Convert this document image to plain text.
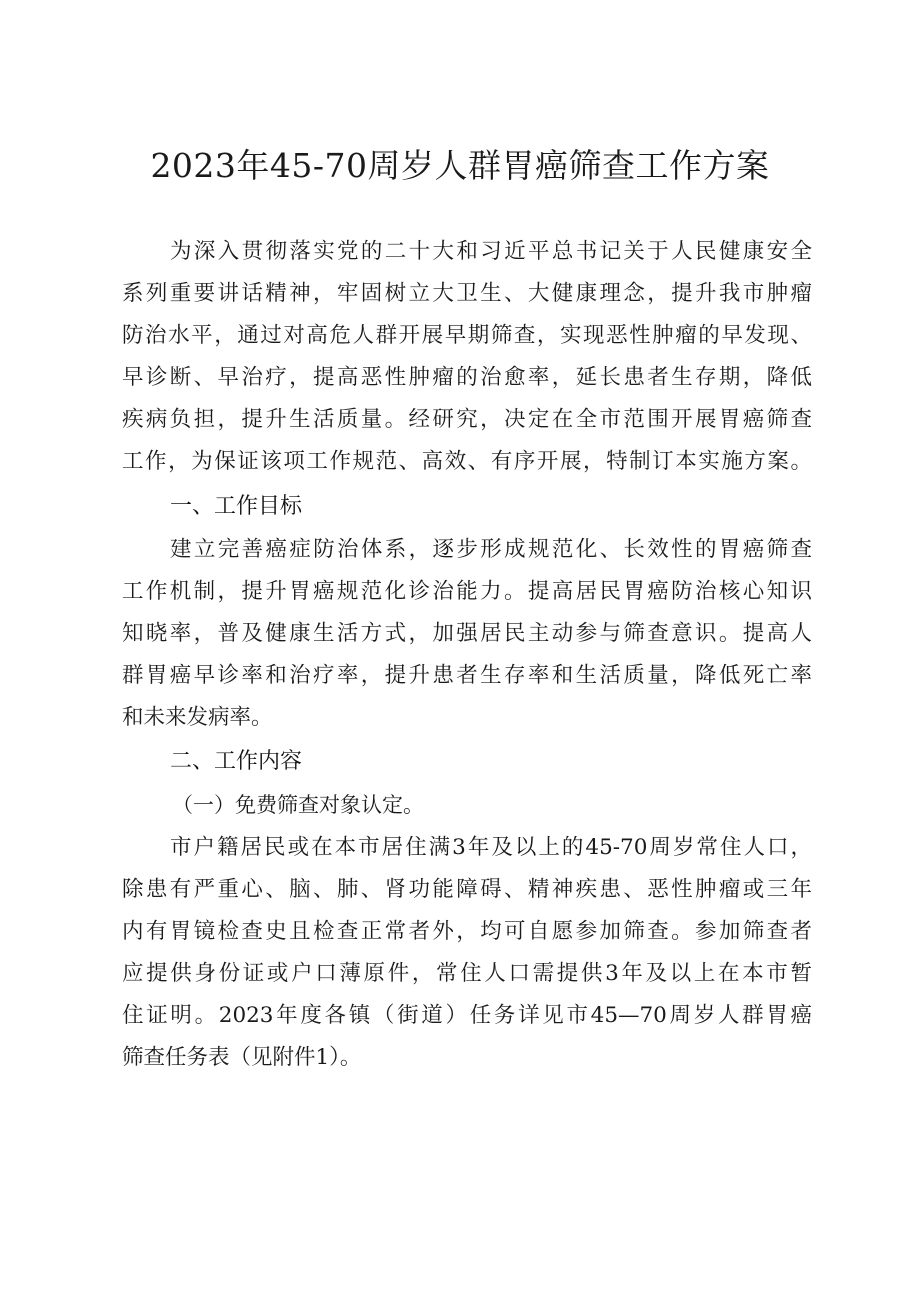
2023年45-70周岁人群胃癌筛查工作方案
为深入贯彻落实党的二十大和习近平总书记关于人民健康安全
系列重要讲话精神，牢固树立大卫生、大健康理念，提升我市肿瘤
防治水平，通过对高危人群开展早期筛查，实现恶性肿瘤的早发现、
早诊断、早治疗，提高恶性肿瘤的治愈率，延长患者生存期，降低
疾病负担，提升生活质量。经研究，决定在全市范围开展胃癌筛查
工作，为保证该项工作规范、高效、有序开展，特制订本实施方案。
一、工作目标
建立完善癌症防治体系，逐步形成规范化、长效性的胃癌筛查
工作机制，提升胃癌规范化诊治能力。提高居民胃癌防治核心知识
知晓率，普及健康生活方式，加强居民主动参与筛查意识。提高人
群胃癌早诊率和治疗率，提升患者生存率和生活质量，降低死亡率
和未来发病率。
二、工作内容
（一）免费筛查对象认定。
市户籍居民或在本市居住满3年及以上的45-70周岁常住人口，
除患有严重心、脑、肺、肾功能障碍、精神疾患、恶性肿瘤或三年
内有胃镜检查史且检查正常者外，均可自愿参加筛查。参加筛查者
应提供身份证或户口薄原件，常住人口需提供3年及以上在本市暂
住证明。2023年度各镇（街道）任务详见市45—70周岁人群胃癌
筛查任务表（见附件1）。
